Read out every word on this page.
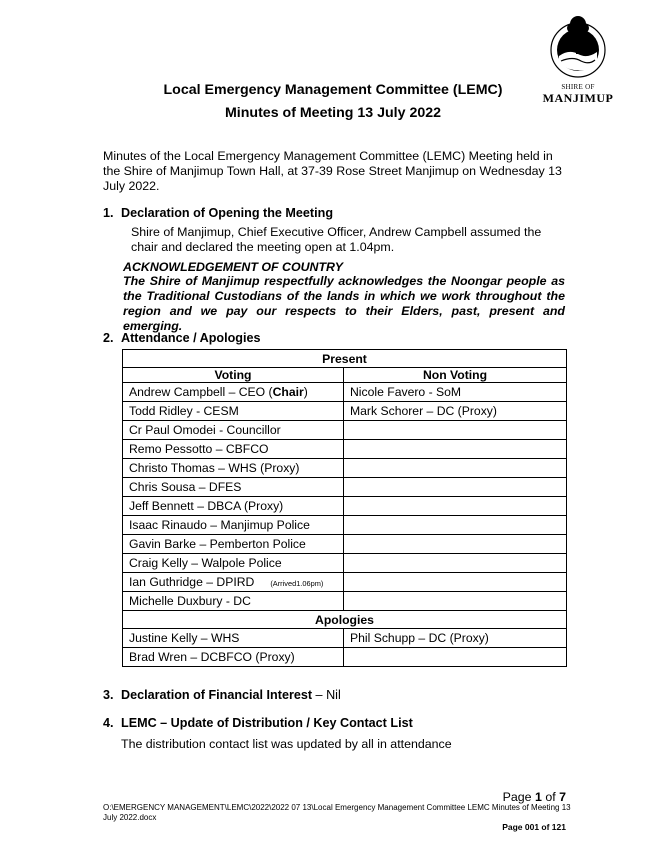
SHIRE OF
MANJIMUP
Local Emergency Management Committee (LEMC)
Minutes of Meeting 13 July 2022
Minutes of the Local Emergency Management Committee (LEMC) Meeting held in the Shire of Manjimup Town Hall, at 37-39 Rose Street Manjimup on Wednesday 13 July 2022.
1. Declaration of Opening the Meeting
Shire of Manjimup, Chief Executive Officer, Andrew Campbell assumed the chair and declared the meeting open at 1.04pm.
ACKNOWLEDGEMENT OF COUNTRY
The Shire of Manjimup respectfully acknowledges the Noongar people as the Traditional Custodians of the lands in which we work throughout the region and we pay our respects to their Elders, past, present and emerging.
2. Attendance / Apologies
Present	
Voting	Non Voting
Andrew Campbell – CEO (Chair)	Nicole Favero - SoM
Todd Ridley - CESM	Mark Schorer – DC (Proxy)
Cr Paul Omodei - Councillor	
Remo Pessotto – CBFCO	
Christo Thomas – WHS (Proxy)	
Chris Sousa – DFES	
Jeff Bennett – DBCA (Proxy)	
Isaac Rinaudo – Manjimup Police	
Gavin Barke – Pemberton Police	
Craig Kelly – Walpole Police	
Ian Guthridge – DPIRD (Arrived1.06pm)	
Michelle Duxbury - DC	
Apologies	
Justine Kelly – WHS	Phil Schupp – DC (Proxy)
Brad Wren – DCBFCO (Proxy)	
3. Declaration of Financial Interest – Nil
4. LEMC – Update of Distribution / Key Contact List
The distribution contact list was updated by all in attendance
Page 1 of 7
O:\EMERGENCY MANAGEMENT\LEMC\2022\2022 07 13\Local Emergency Management Committee LEMC Minutes of Meeting 13 July 2022.docx
Page 001 of 121
